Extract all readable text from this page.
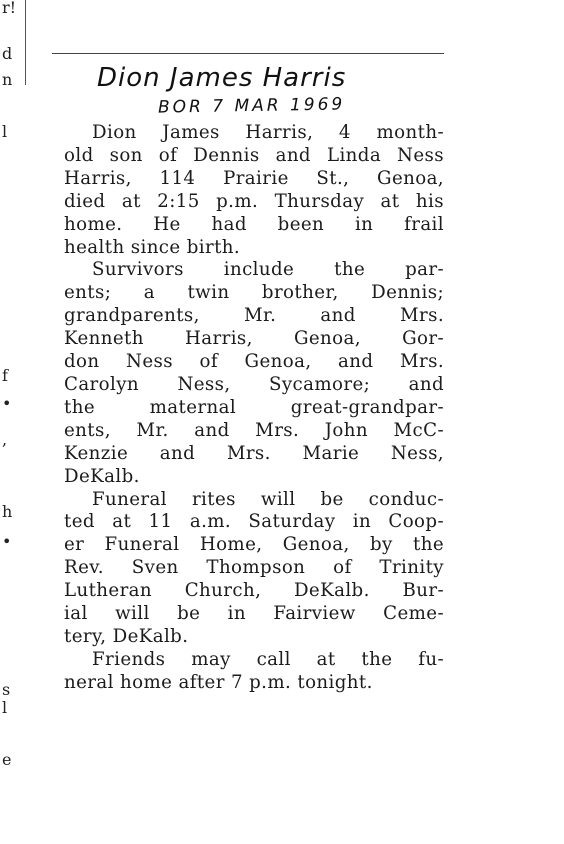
r!
d
n
l
f
•
,
h
•
s
l
e
Dion James Harris
BOR 7 MAR 1969
Dion James Harris, 4 month-
old son of Dennis and Linda Ness
Harris, 114 Prairie St., Genoa,
died at 2:15 p.m. Thursday at his
home. He had been in frail
health since birth.
Survivors include the par-
ents; a twin brother, Dennis;
grandparents, Mr. and Mrs.
Kenneth Harris, Genoa, Gor-
don Ness of Genoa, and Mrs.
Carolyn Ness, Sycamore; and
the maternal great-grandpar-
ents, Mr. and Mrs. John McC-
Kenzie and Mrs. Marie Ness,
DeKalb.
Funeral rites will be conduc-
ted at 11 a.m. Saturday in Coop-
er Funeral Home, Genoa, by the
Rev. Sven Thompson of Trinity
Lutheran Church, DeKalb. Bur-
ial will be in Fairview Ceme-
tery, DeKalb.
Friends may call at the fu-
neral home after 7 p.m. tonight.
